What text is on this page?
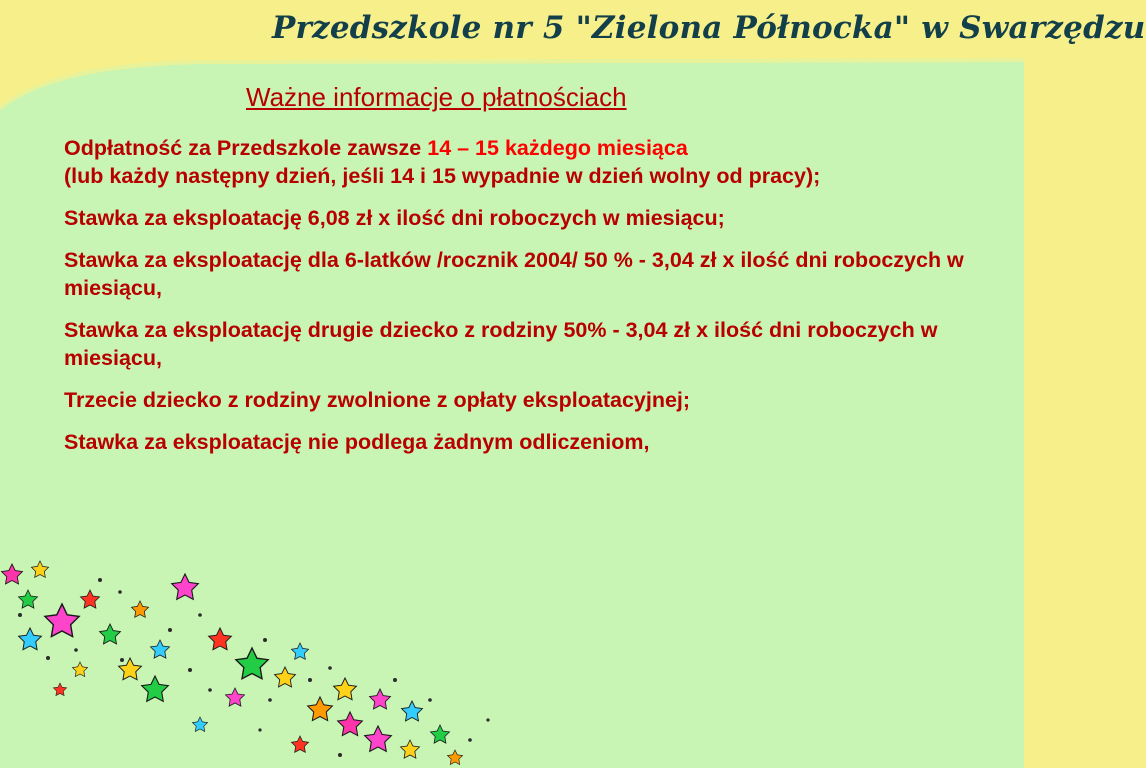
Przedszkole nr 5 "Zielona Północka" w Swarzędzu
Ważne informacje o płatnościach
Odpłatność za Przedszkole zawsze 14 – 15 każdego miesiąca
(lub każdy następny dzień, jeśli 14 i 15 wypadnie w dzień wolny od pracy);
Stawka za eksploatację 6,08 zł x ilość dni roboczych w miesiącu;
Stawka za eksploatację dla 6-latków /rocznik 2004/ 50 % - 3,04 zł x ilość dni roboczych w miesiącu,
Stawka za eksploatację drugie dziecko z rodziny 50% - 3,04 zł x ilość dni roboczych w miesiącu,
Trzecie dziecko z rodziny zwolnione z opłaty eksploatacyjnej;
Stawka za eksploatację nie podlega żadnym odliczeniom,
